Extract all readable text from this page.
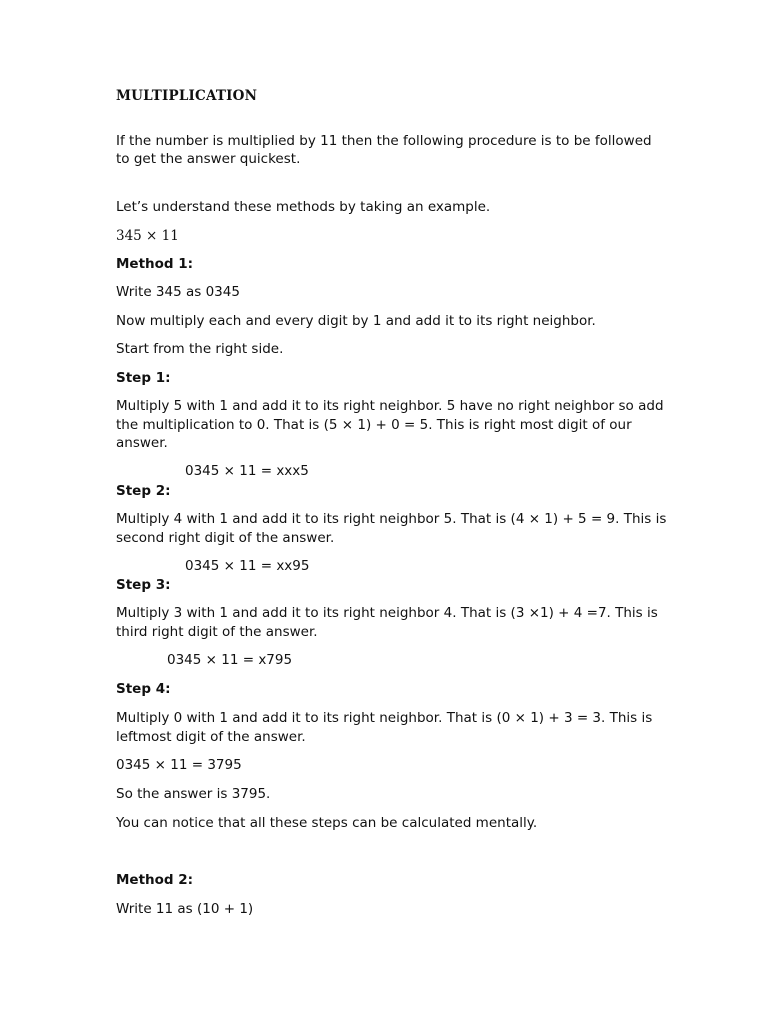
MULTIPLICATION

If the number is multiplied by 11 then the following procedure is to be followed

to get the answer quickest.

Let’s understand these methods by taking an example.

345 × 11

Method 1:

Write 345 as 0345

Now multiply each and every digit by 1 and add it to its right neighbor.

Start from the right side.

Step 1:

Multiply 5 with 1 and add it to its right neighbor. 5 have no right neighbor so add

the multiplication to 0. That is (5 × 1) + 0 = 5. This is right most digit of our

answer.

0345 × 11 = xxx5

Step 2:

Multiply 4 with 1 and add it to its right neighbor 5. That is (4 × 1) + 5 = 9. This is

second right digit of the answer.

0345 × 11 = xx95

Step 3:

Multiply 3 with 1 and add it to its right neighbor 4. That is (3 ×1) + 4 =7. This is

third right digit of the answer.

0345 × 11 = x795

Step 4:

Multiply 0 with 1 and add it to its right neighbor. That is (0 × 1) + 3 = 3. This is

leftmost digit of the answer.

0345 × 11 = 3795

So the answer is 3795.

You can notice that all these steps can be calculated mentally.

Method 2:

Write 11 as (10 + 1)
